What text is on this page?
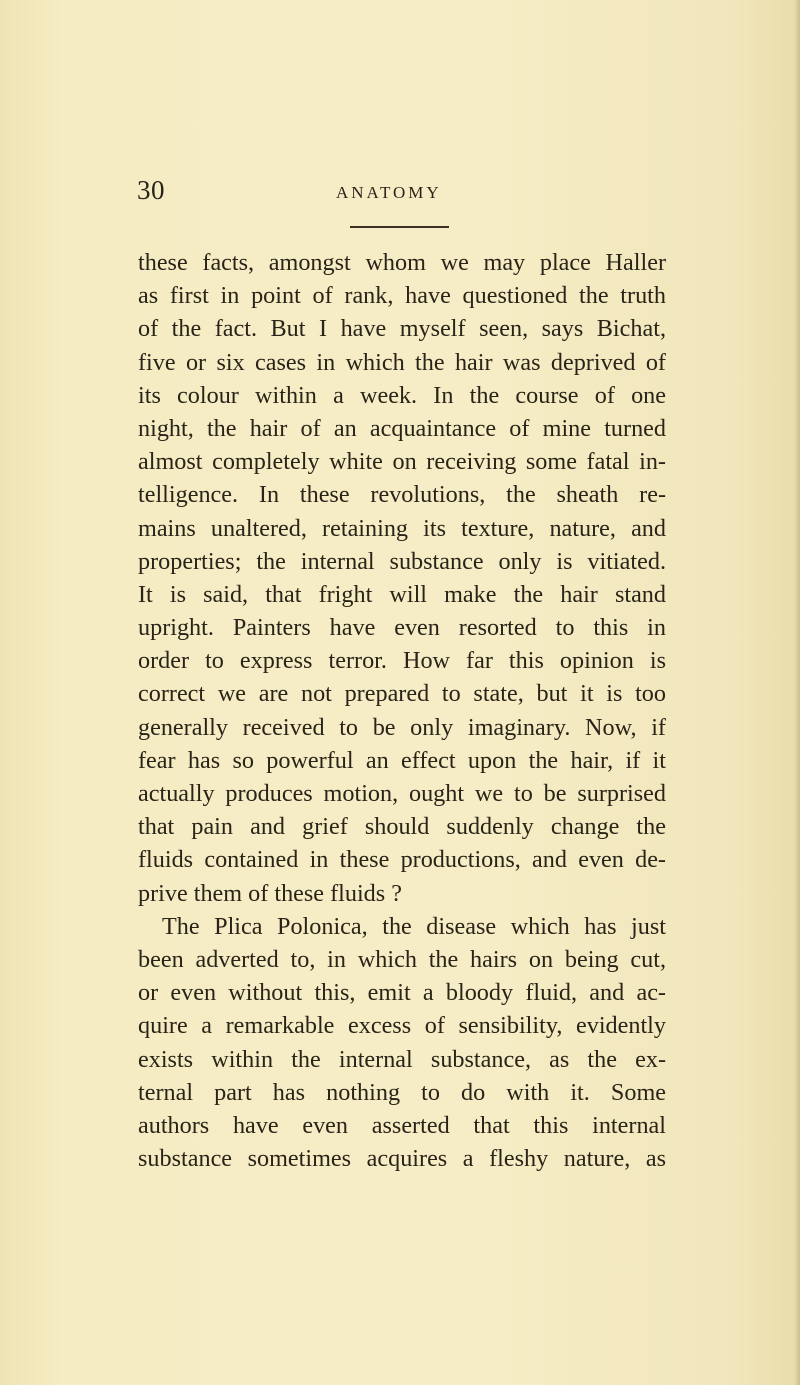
30	ANATOMY
these facts, amongst whom we may place Haller
as first in point of rank, have questioned the truth
of the fact. But I have myself seen, says Bichat,
five or six cases in which the hair was deprived of
its colour within a week. In the course of one
night, the hair of an acquaintance of mine turned
almost completely white on receiving some fatal in-
telligence. In these revolutions, the sheath re-
mains unaltered, retaining its texture, nature, and
properties; the internal substance only is vitiated.
It is said, that fright will make the hair stand
upright. Painters have even resorted to this in
order to express terror. How far this opinion is
correct we are not prepared to state, but it is too
generally received to be only imaginary. Now, if
fear has so powerful an effect upon the hair, if it
actually produces motion, ought we to be surprised
that pain and grief should suddenly change the
fluids contained in these productions, and even de-
prive them of these fluids ?
The Plica Polonica, the disease which has just
been adverted to, in which the hairs on being cut,
or even without this, emit a bloody fluid, and ac-
quire a remarkable excess of sensibility, evidently
exists within the internal substance, as the ex-
ternal part has nothing to do with it. Some
authors have even asserted that this internal
substance sometimes acquires a fleshy nature, as
